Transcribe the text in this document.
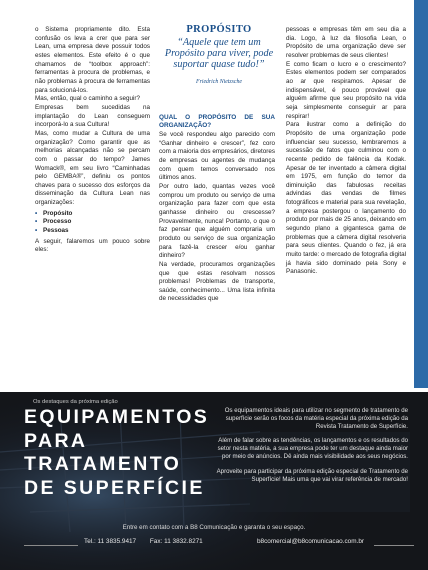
o Sistema propriamente dito. Esta confusão os leva a crer que para ser Lean, uma empresa deve possuir todos estes elementos. Este efeito é o que chamamos de “toolbox approach”: ferramentas à procura de problemas, e não problemas à procura de ferramentas para solucioná-los.

Mas, então, qual o caminho a seguir?

Empresas bem sucedidas na implantação do Lean conseguem incorporá-lo a sua Cultura!

Mas, como mudar a Cultura de uma organização? Como garantir que as melhorias alcançadas não se percam com o passar do tempo? James Womack®, em seu livro “Caminhadas pelo GEMBA®”, definiu os pontos chaves para o sucesso dos esforços da disseminação da Cultura Lean nas organizações:

• Propósito
• Processo
• Pessoas

A seguir, falaremos um pouco sobre eles:

PROPÓSITO
“Aquele que tem um Propósito para viver, pode suportar quase tudo!”
Friedrich Nietzsche
QUAL O PROPÓSITO DE SUA ORGANIZAÇÃO?

Se você respondeu algo parecido com “Ganhar dinheiro e crescer”, fez coro com a maioria dos empresários, diretores de empresas ou agentes de mudança com quem temos conversado nos últimos anos.

Por outro lado, quantas vezes você comprou um produto ou serviço de uma organização para fazer com que esta ganhasse dinheiro ou crescesse? Provavelmente, nunca! Portanto, o que o faz pensar que alguém compraria um produto ou serviço de sua organização para fazê-la crescer e/ou ganhar dinheiro?

Na verdade, procuramos organizações que que estas resolvam nossos problemas! Problemas de transporte, saúde, conhecimento... Uma lista infinita de necessidades que

pessoas e empresas têm em seu dia a dia. Logo, à luz da filosofia Lean, o Propósito de uma organização deve ser resolver problemas de seus clientes!

E como ficam o lucro e o crescimento? Estes elementos podem ser comparados ao ar que respiramos. Apesar de indispensável, é pouco provável que alguém afirme que seu propósito na vida seja simplesmente conseguir ar para respirar!

Para ilustrar como a definição do Propósito de uma organização pode influenciar seu sucesso, lembraremos a sucessão de fatos que culminou com o recente pedido de falência da Kodak. Apesar de ter inventado a câmera digital em 1975, em função do temor da diminuição das fabulosas receitas advindas das vendas de filmes fotográficos e material para sua revelação, a empresa postergou o lançamento do produto por mais de 25 anos, deixando em segundo plano a gigantesca gama de problemas que a câmera digital resolveria para seus clientes. Quando o fez, já era muito tarde: o mercado de fotografia digital já havia sido dominado pela Sony e Panasonic.

Os destaques da próxima edição
EQUIPAMENTOS
PARA
TRATAMENTO
DE SUPERFÍCIE

Os equipamentos ideais para utilizar no segmento de tratamento de superfície serão os focos da matéria especial da próxima edição da Revista Tratamento de Superfície.

Além de falar sobre as tendências, os lançamentos e os resultados do setor nesta matéria, a sua empresa pode ter um destaque ainda maior por meio de anúncios. Dê ainda mais visibilidade aos seus negócios.

Aproveite para participar da próxima edição especial de Tratamento de Superfície! Mais uma que vai virar referência de mercado!

Entre em contato com a B8 Comunicação e garanta o seu espaço.
Tel.: 11 3835.9417 Fax: 11 3832.8271	b8comercial@b8comunicacao.com.br
